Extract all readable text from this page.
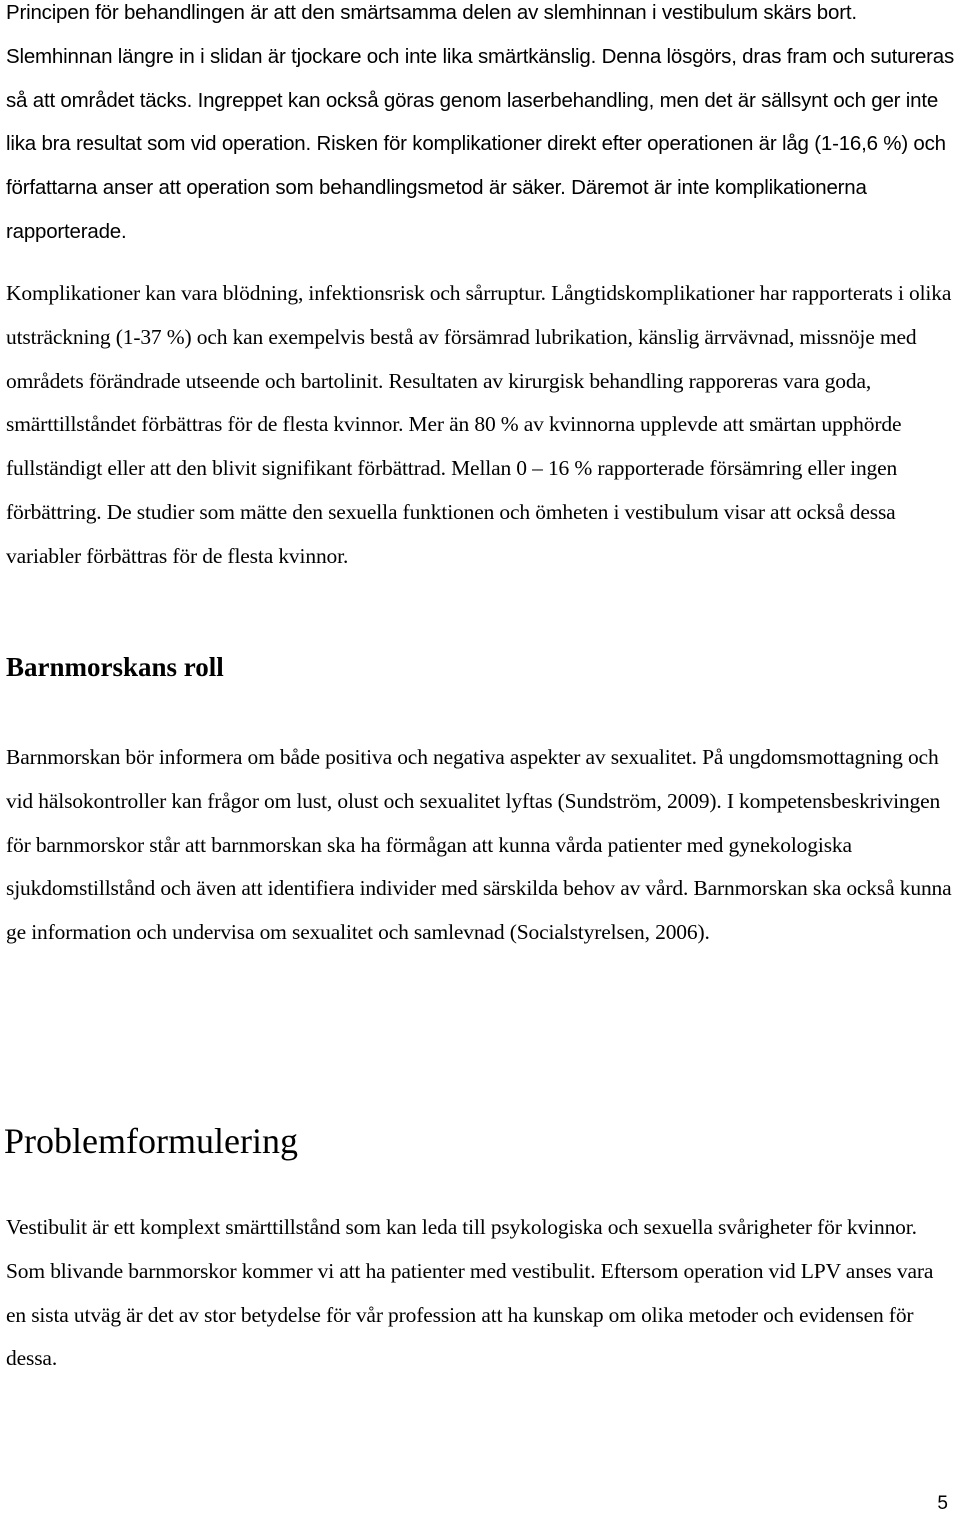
Principen för behandlingen är att den smärtsamma delen av slemhinnan i vestibulum skärs bort. Slemhinnan längre in i slidan är tjockare och inte lika smärtkänslig. Denna lösgörs, dras fram och sutureras så att området täcks. Ingreppet kan också göras genom laserbehandling, men det är sällsynt och ger inte lika bra resultat som vid operation. Risken för komplikationer direkt efter operationen är låg (1-16,6 %) och författarna anser att operation som behandlingsmetod är säker. Däremot är inte komplikationerna rapporterade.

Komplikationer kan vara blödning, infektionsrisk och sårruptur. Långtidskomplikationer har rapporterats i olika utsträckning (1-37 %) och kan exempelvis bestå av försämrad lubrikation, känslig ärrvävnad, missnöje med områdets förändrade utseende och bartolinit. Resultaten av kirurgisk behandling rapporeras vara goda, smärttillståndet förbättras för de flesta kvinnor. Mer än 80 % av kvinnorna upplevde att smärtan upphörde fullständigt eller att den blivit signifikant förbättrad. Mellan 0 – 16 % rapporterade försämring eller ingen förbättring. De studier som mätte den sexuella funktionen och ömheten i vestibulum visar att också dessa variabler förbättras för de flesta kvinnor.

Barnmorskans roll

Barnmorskan bör informera om både positiva och negativa aspekter av sexualitet. På ungdomsmottagning och vid hälsokontroller kan frågor om lust, olust och sexualitet lyftas (Sundström, 2009). I kompetensbeskrivingen för barnmorskor står att barnmorskan ska ha förmågan att kunna vårda patienter med gynekologiska sjukdomstillstånd och även att identifiera individer med särskilda behov av vård. Barnmorskan ska också kunna ge information och undervisa om sexualitet och samlevnad (Socialstyrelsen, 2006).

Problemformulering

Vestibulit är ett komplext smärttillstånd som kan leda till psykologiska och sexuella svårigheter för kvinnor. Som blivande barnmorskor kommer vi att ha patienter med vestibulit. Eftersom operation vid LPV anses vara en sista utväg är det av stor betydelse för vår profession att ha kunskap om olika metoder och evidensen för dessa.

5
